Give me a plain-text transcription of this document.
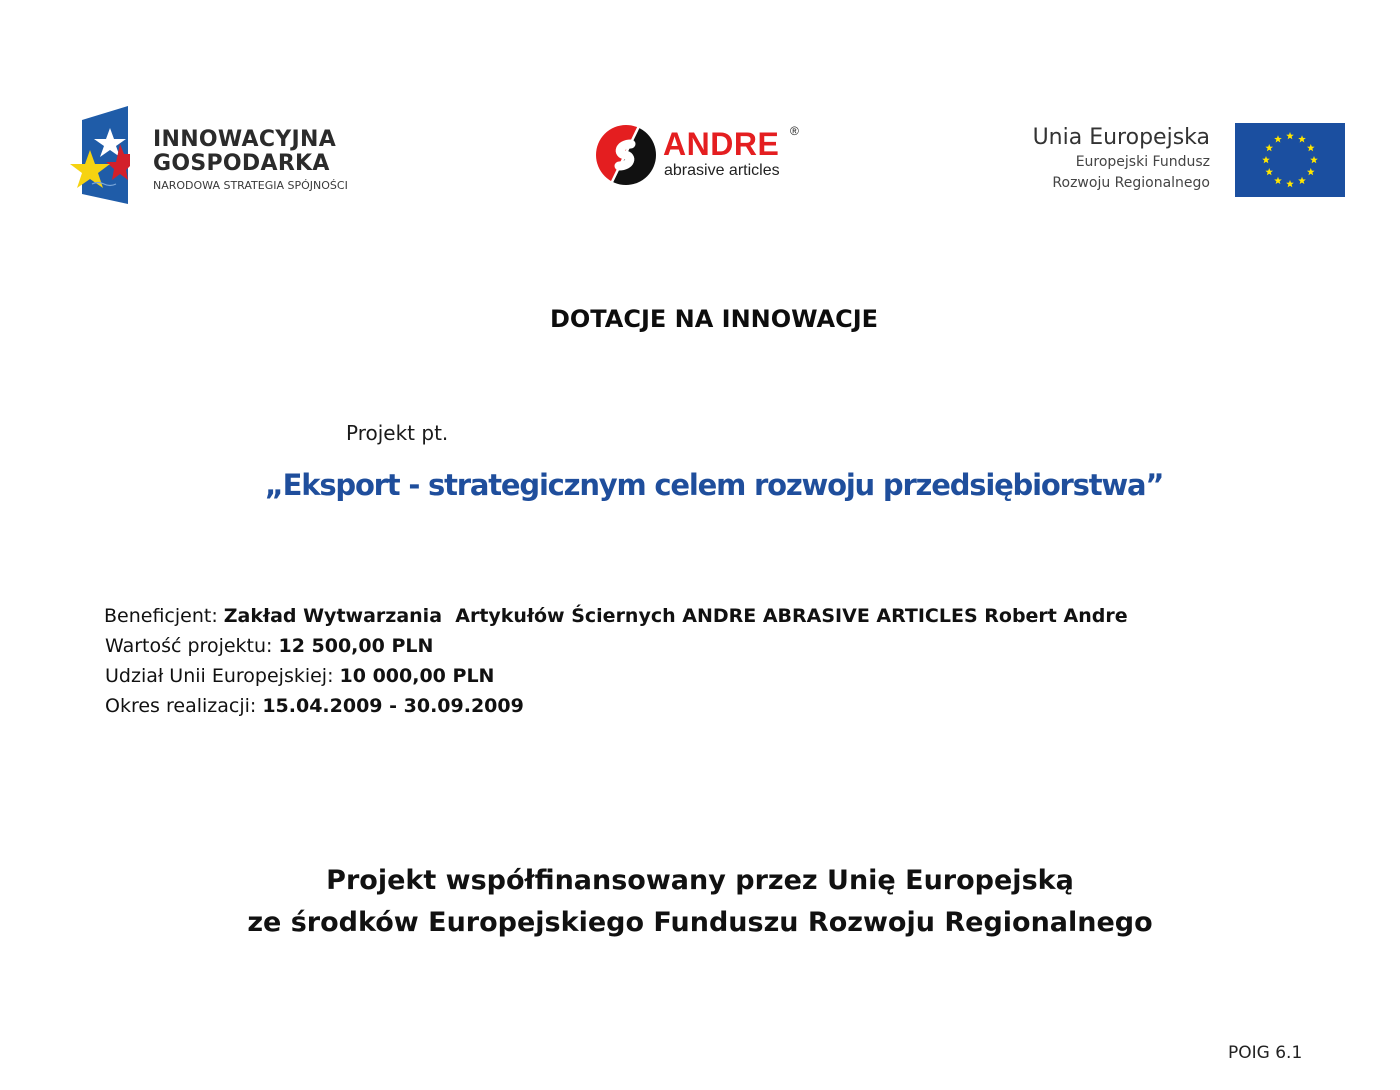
INNOWACYJNA
GOSPODARKA
NARODOWA STRATEGIA SPÓJNOŚCI
ANDRE ®
abrasive articles
Unia Europejska
Europejski Fundusz
Rozwoju Regionalnego
DOTACJE NA INNOWACJE
Projekt pt.
„Eksport - strategicznym celem rozwoju przedsiębiorstwa”
Beneficjent: Zakład Wytwarzania  Artykułów Ściernych ANDRE ABRASIVE ARTICLES Robert Andre
Wartość projektu: 12 500,00 PLN
Udział Unii Europejskiej: 10 000,00 PLN
Okres realizacji: 15.04.2009 - 30.09.2009
Projekt współfinansowany przez Unię Europejską
ze środków Europejskiego Funduszu Rozwoju Regionalnego
POIG 6.1
